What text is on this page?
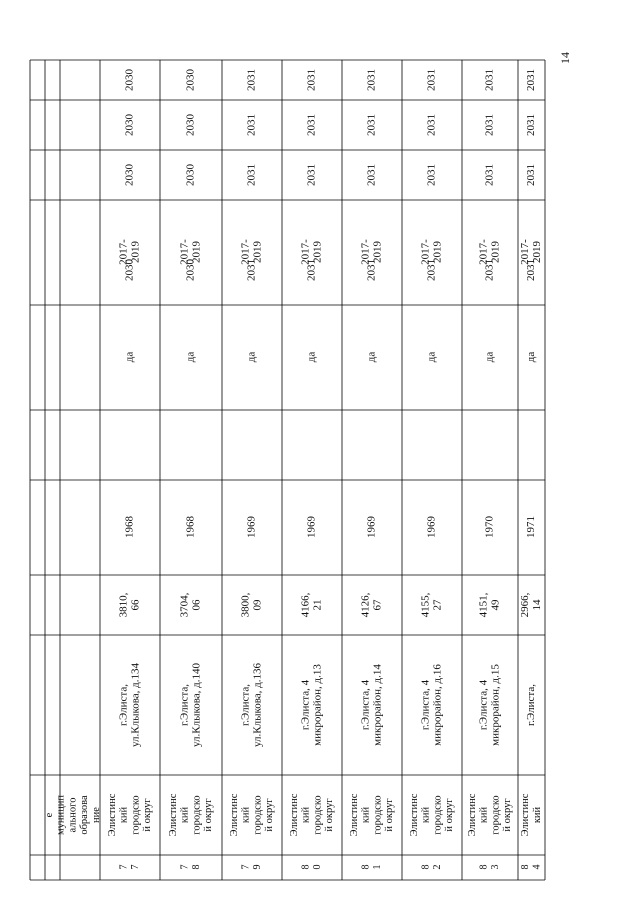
е муницип ального образова ние
7 7
Элистинс кий городско й округ
г.Элиста, ул.Клыкова, д.134
3810, 66
1968
да
2017- 2019
2030
2030
2030
2030
7 8
Элистинс кий городско й округ
г.Элиста, ул.Клыкова, д.140
3704, 06
1968
да
2017- 2019
2030
2030
2030
2030
7 9
Элистинс кий городско й округ
г.Элиста, ул.Клыкова, д.136
3800, 09
1969
да
2017- 2019
2031
2031
2031
2031
8 0
Элистинс кий городско й округ
г.Элиста, 4 микрорайон, д.13
4166, 21
1969
да
2017- 2019
2031
2031
2031
2031
8 1
Элистинс кий городско й округ
г.Элиста, 4 микрорайон, д.14
4126, 67
1969
да
2017- 2019
2031
2031
2031
2031
8 2
Элистинс кий городско й округ
г.Элиста, 4 микрорайон, д.16
4155, 27
1969
да
2017- 2019
2031
2031
2031
2031
8 3
Элистинс кий городско й округ
г.Элиста, 4 микрорайон, д.15
4151, 49
1970
да
2017- 2019
2031
2031
2031
2031
8 4
Элистинс кий
г.Элиста,
2966, 14
1971
да
2017- 2019
2031
2031
2031
2031
14
